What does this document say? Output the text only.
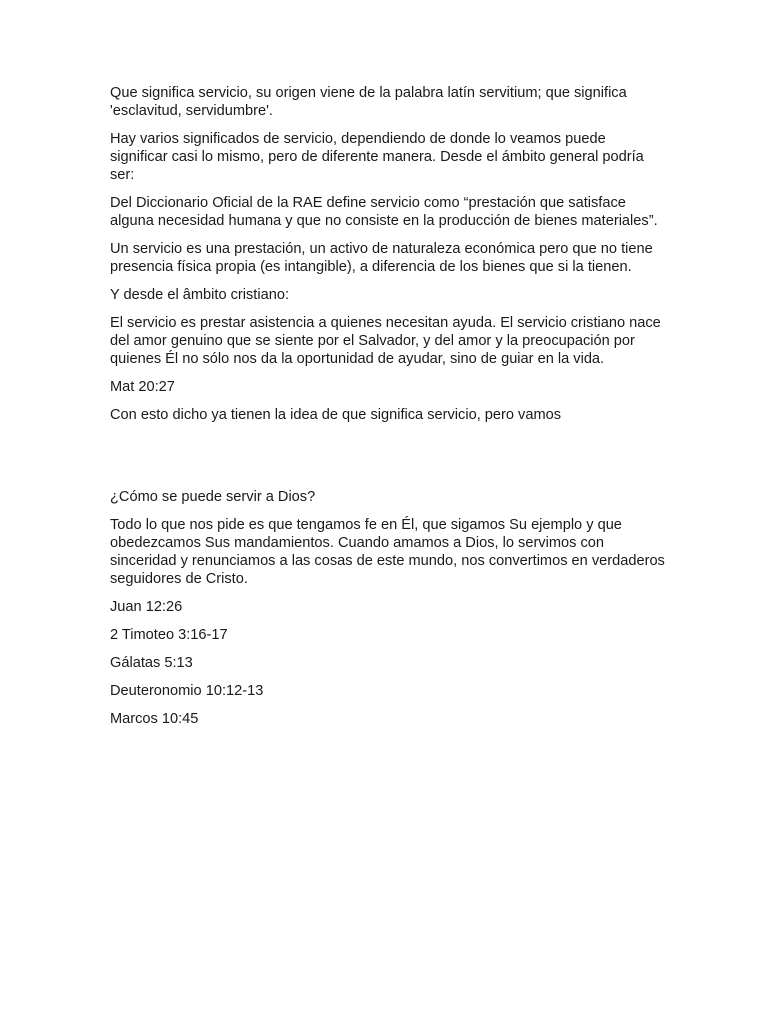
Que significa servicio, su origen viene de la palabra latín servitium; que significa 'esclavitud, servidumbre'.

Hay varios significados de servicio, dependiendo de donde lo veamos puede significar casi lo mismo, pero de diferente manera. Desde el ámbito general podría ser:

Del Diccionario Oficial de la RAE define servicio como “prestación que satisface alguna necesidad humana y que no consiste en la producción de bienes materiales”.

Un servicio es una prestación, un activo de naturaleza económica pero que no tiene presencia física propia (es intangible), a diferencia de los bienes que si la tienen.

Y desde el âmbito cristiano:

El servicio es prestar asistencia a quienes necesitan ayuda. El servicio cristiano nace del amor genuino que se siente por el Salvador, y del amor y la preocupación por quienes Él no sólo nos da la oportunidad de ayudar, sino de guiar en la vida.

Mat 20:27

Con esto dicho ya tienen la idea de que significa servicio, pero vamos

¿Cómo se puede servir a Dios?

Todo lo que nos pide es que tengamos fe en Él, que sigamos Su ejemplo y que obedezcamos Sus mandamientos. Cuando amamos a Dios, lo servimos con sinceridad y renunciamos a las cosas de este mundo, nos convertimos en verdaderos seguidores de Cristo.

Juan 12:26

2 Timoteo 3:16-17

Gálatas 5:13

Deuteronomio 10:12-13

Marcos 10:45
